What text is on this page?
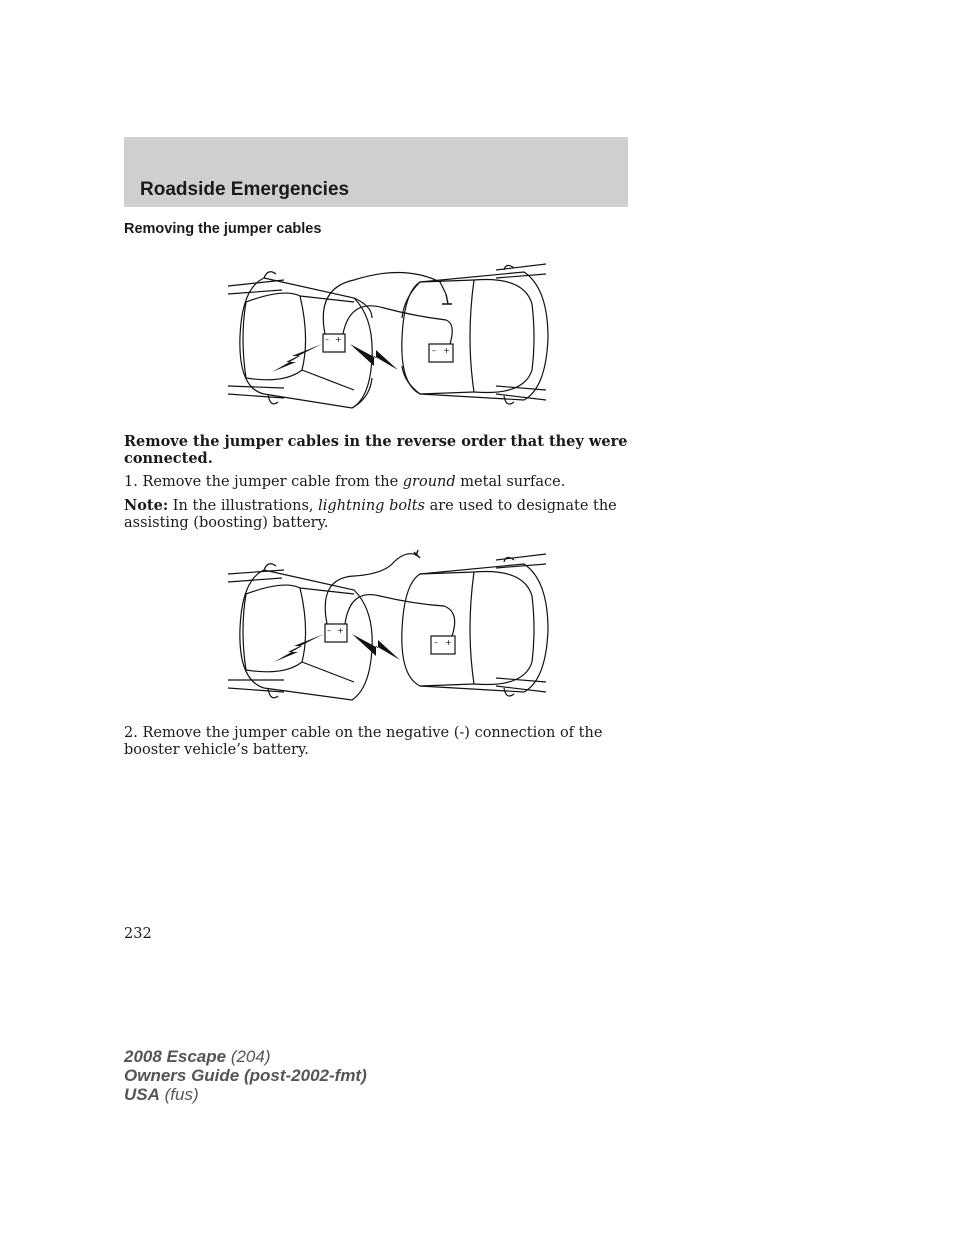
Roadside Emergencies
Removing the jumper cables
– +
– +

Remove the jumper cables in the reverse order that they were connected.

1. Remove the jumper cable from the ground metal surface.

Note: In the illustrations, lightning bolts are used to designate the assisting (boosting) battery.

– +
– +

2. Remove the jumper cable on the negative (-) connection of the booster vehicle’s battery.

232

2008 Escape (204)
Owners Guide (post-2002-fmt)
USA (fus)
